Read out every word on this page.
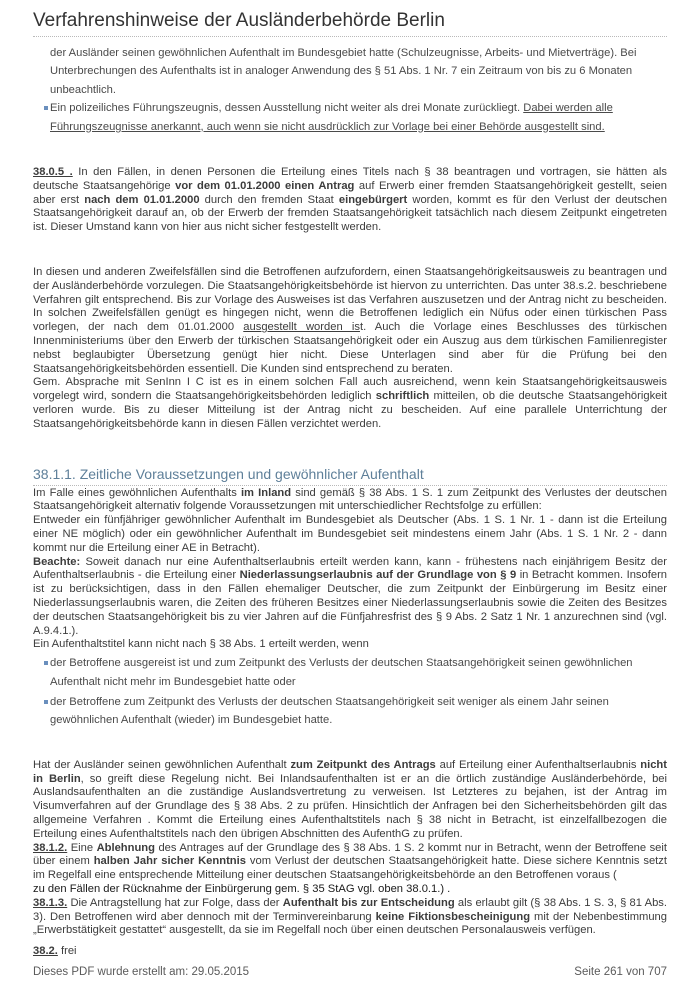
Verfahrenshinweise der Ausländerbehörde Berlin
der Ausländer seinen gewöhnlichen Aufenthalt im Bundesgebiet hatte (Schulzeugnisse, Arbeits- und Mietverträge). Bei Unterbrechungen des Aufenthalts ist in analoger Anwendung des § 51 Abs. 1 Nr. 7 ein Zeitraum von bis zu 6 Monaten unbeachtlich.
Ein polizeiliches Führungszeugnis, dessen Ausstellung nicht weiter als drei Monate zurückliegt. Dabei werden alle Führungszeugnisse anerkannt, auch wenn sie nicht ausdrücklich zur Vorlage bei einer Behörde ausgestellt sind.

38.0.5 . In den Fällen, in denen Personen die Erteilung eines Titels nach § 38 beantragen und vortragen, sie hätten als deutsche Staatsangehörige vor dem 01.01.2000 einen Antrag auf Erwerb einer fremden Staatsangehörigkeit gestellt, seien aber erst nach dem 01.01.2000 durch den fremden Staat eingebürgert worden, kommt es für den Verlust der deutschen Staatsangehörigkeit darauf an, ob der Erwerb der fremden Staatsangehörigkeit tatsächlich nach diesem Zeitpunkt eingetreten ist. Dieser Umstand kann von hier aus nicht sicher festgestellt werden.

In diesen und anderen Zweifelsfällen sind die Betroffenen aufzufordern, einen Staatsangehörigkeitsausweis zu beantragen und der Ausländerbehörde vorzulegen. Die Staatsangehörigkeitsbehörde ist hiervon zu unterrichten. Das unter 38.s.2. beschriebene Verfahren gilt entsprechend. Bis zur Vorlage des Ausweises ist das Verfahren auszusetzen und der Antrag nicht zu bescheiden. In solchen Zweifelsfällen genügt es hingegen nicht, wenn die Betroffenen lediglich ein Nüfus oder einen türkischen Pass vorlegen, der nach dem 01.01.2000 ausgestellt worden ist. Auch die Vorlage eines Beschlusses des türkischen Innenministeriums über den Erwerb der türkischen Staatsangehörigkeit oder ein Auszug aus dem türkischen Familienregister nebst beglaubigter Übersetzung genügt hier nicht. Diese Unterlagen sind aber für die Prüfung bei den Staatsangehörigkeitsbehörden essentiell. Die Kunden sind entsprechend zu beraten.
Gem. Absprache mit SenInn I C ist es in einem solchen Fall auch ausreichend, wenn kein Staatsangehörigkeitsausweis vorgelegt wird, sondern die Staatsangehörigkeitsbehörden lediglich schriftlich mitteilen, ob die deutsche Staatsangehörigkeit verloren wurde. Bis zu dieser Mitteilung ist der Antrag nicht zu bescheiden. Auf eine parallele Unterrichtung der Staatsangehörigkeitsbehörde kann in diesen Fällen verzichtet werden.

38.1.1. Zeitliche Voraussetzungen und gewöhnlicher Aufenthalt

Im Falle eines gewöhnlichen Aufenthalts im Inland sind gemäß § 38 Abs. 1 S. 1 zum Zeitpunkt des Verlustes der deutschen Staatsangehörigkeit alternativ folgende Voraussetzungen mit unterschiedlicher Rechtsfolge zu erfüllen:
Entweder ein fünfjähriger gewöhnlicher Aufenthalt im Bundesgebiet als Deutscher (Abs. 1 S. 1 Nr. 1 - dann ist die Erteilung einer NE möglich) oder ein gewöhnlicher Aufenthalt im Bundesgebiet seit mindestens einem Jahr (Abs. 1 S. 1 Nr. 2 - dann kommt nur die Erteilung einer AE in Betracht).
Beachte: Soweit danach nur eine Aufenthaltserlaubnis erteilt werden kann, kann - frühestens nach einjährigem Besitz der Aufenthaltserlaubnis - die Erteilung einer Niederlassungserlaubnis auf der Grundlage von § 9 in Betracht kommen. Insofern ist zu berücksichtigen, dass in den Fällen ehemaliger Deutscher, die zum Zeitpunkt der Einbürgerung im Besitz einer Niederlassungserlaubnis waren, die Zeiten des früheren Besitzes einer Niederlassungserlaubnis sowie die Zeiten des Besitzes der deutschen Staatsangehörigkeit bis zu vier Jahren auf die Fünfjahresfrist des § 9 Abs. 2 Satz 1 Nr. 1 anzurechnen sind (vgl. A.9.4.1.).
Ein Aufenthaltstitel kann nicht nach § 38 Abs. 1 erteilt werden, wenn

der Betroffene ausgereist ist und zum Zeitpunkt des Verlusts der deutschen Staatsangehörigkeit seinen gewöhnlichen Aufenthalt nicht mehr im Bundesgebiet hatte oder
der Betroffene zum Zeitpunkt des Verlusts der deutschen Staatsangehörigkeit seit weniger als einem Jahr seinen gewöhnlichen Aufenthalt (wieder) im Bundesgebiet hatte.

Hat der Ausländer seinen gewöhnlichen Aufenthalt zum Zeitpunkt des Antrags auf Erteilung einer Aufenthaltserlaubnis nicht in Berlin, so greift diese Regelung nicht. Bei Inlandsaufenthalten ist er an die örtlich zuständige Ausländerbehörde, bei Auslandsaufenthalten an die zuständige Auslandsvertretung zu verweisen. Ist Letzteres zu bejahen, ist der Antrag im Visumverfahren auf der Grundlage des § 38 Abs. 2 zu prüfen. Hinsichtlich der Anfragen bei den Sicherheitsbehörden gilt das allgemeine Verfahren . Kommt die Erteilung eines Aufenthaltstitels nach § 38 nicht in Betracht, ist einzelfallbezogen die Erteilung eines Aufenthaltstitels nach den übrigen Abschnitten des AufenthG zu prüfen.
38.1.2. Eine Ablehnung des Antrages auf der Grundlage des § 38 Abs. 1 S. 2 kommt nur in Betracht, wenn der Betroffene seit über einem halben Jahr sicher Kenntnis vom Verlust der deutschen Staatsangehörigkeit hatte. Diese sichere Kenntnis setzt im Regelfall eine entsprechende Mitteilung einer deutschen Staatsangehörigkeitsbehörde an den Betroffenen voraus (
zu den Fällen der Rücknahme der Einbürgerung gem. § 35 StAG vgl. oben 38.0.1.) .
38.1.3. Die Antragstellung hat zur Folge, dass der Aufenthalt bis zur Entscheidung als erlaubt gilt (§ 38 Abs. 1 S. 3, § 81 Abs. 3). Den Betroffenen wird aber dennoch mit der Terminvereinbarung keine Fiktionsbescheinigung mit der Nebenbestimmung „Erwerbstätigkeit gestattet“ ausgestellt, da sie im Regelfall noch über einen deutschen Personalausweis verfügen.

38.2. frei

Dieses PDF wurde erstellt am: 29.05.2015	Seite 261 von 707
